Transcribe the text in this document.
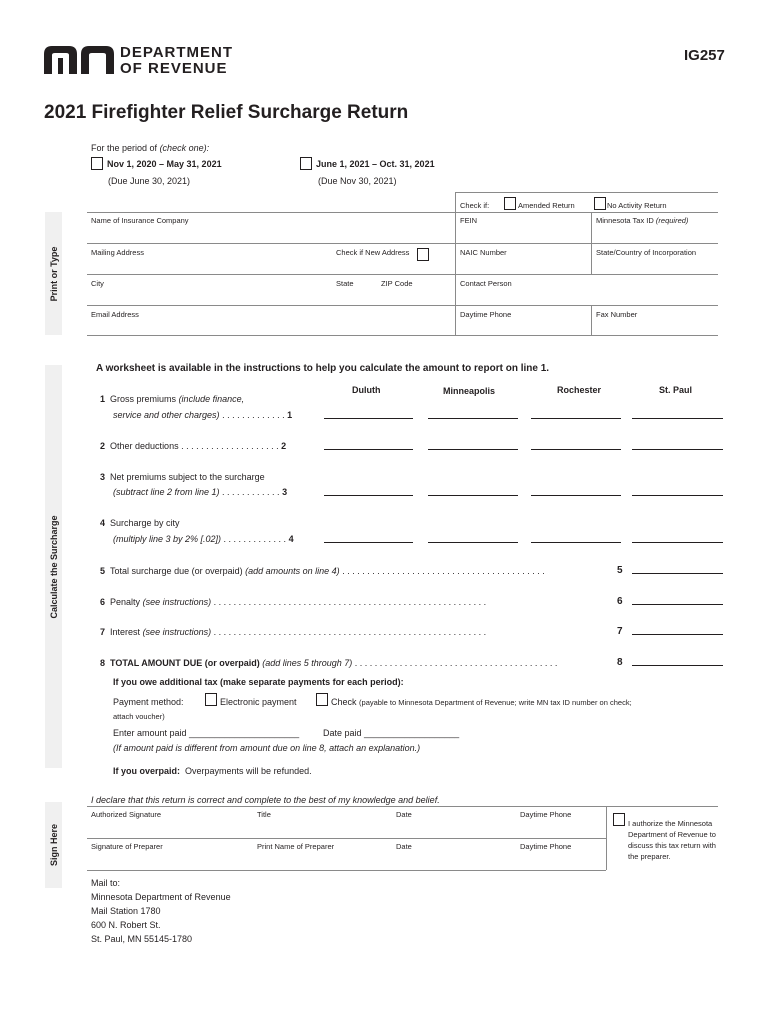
DEPARTMENT
OF REVENUE
IG257
2021 Firefighter Relief Surcharge Return
For the period of (check one):
Nov 1, 2020 – May 31, 2021
(Due June 30, 2021)
June 1, 2021 – Oct. 31, 2021
(Due Nov 30, 2021)
Print or Type
Check if:	Amended Return	No Activity Return
Name of Insurance Company	FEIN	Minnesota Tax ID (required)
Mailing Address	Check if New Address	NAIC Number	State/Country of Incorporation
City	State	ZIP Code	Contact Person
Email Address	Daytime Phone	Fax Number
Calculate the Surcharge
A worksheet is available in the instructions to help you calculate the amount to report on line 1.
Duluth	Minneapolis	Rochester	St. Paul
1 Gross premiums (include finance,
service and other charges) . . . . . . . . . . . . . 1
2 Other deductions . . . . . . . . . . . . . . . . . . . . 2
3 Net premiums subject to the surcharge
(subtract line 2 from line 1) . . . . . . . . . . . . 3
4 Surcharge by city
(multiply line 3 by 2% [.02]) . . . . . . . . . . . . . 4
5 Total surcharge due (or overpaid) (add amounts on line 4) . . . . . . . . . . . . . . . . . . . . . . . . . . . . . . . . . . . . . . . . .	5
6 Penalty (see instructions) . . . . . . . . . . . . . . . . . . . . . . . . . . . . . . . . . . . . . . . . . . . . . . . . . . . . . . .	6
7 Interest (see instructions) . . . . . . . . . . . . . . . . . . . . . . . . . . . . . . . . . . . . . . . . . . . . . . . . . . . . . . .	7
8 TOTAL AMOUNT DUE (or overpaid) (add lines 5 through 7) . . . . . . . . . . . . . . . . . . . . . . . . . . . . . . . . . . . . . . . . .	8
If you owe additional tax (make separate payments for each period):
Payment method:	Electronic payment	Check (payable to Minnesota Department of Revenue; write MN tax ID number on check;
attach voucher)
Enter amount paid ______________________	Date paid ___________________
(If amount paid is different from amount due on line 8, attach an explanation.)
If you overpaid: Overpayments will be refunded.
Sign Here
I declare that this return is correct and complete to the best of my knowledge and belief.
Authorized Signature	Title	Date	Daytime Phone
Signature of Preparer	Print Name of Preparer	Date	Daytime Phone
I authorize the Minnesota
Department of Revenue to
discuss this tax return with
the preparer.
Mail to:
Minnesota Department of Revenue
Mail Station 1780
600 N. Robert St.
St. Paul, MN 55145-1780
